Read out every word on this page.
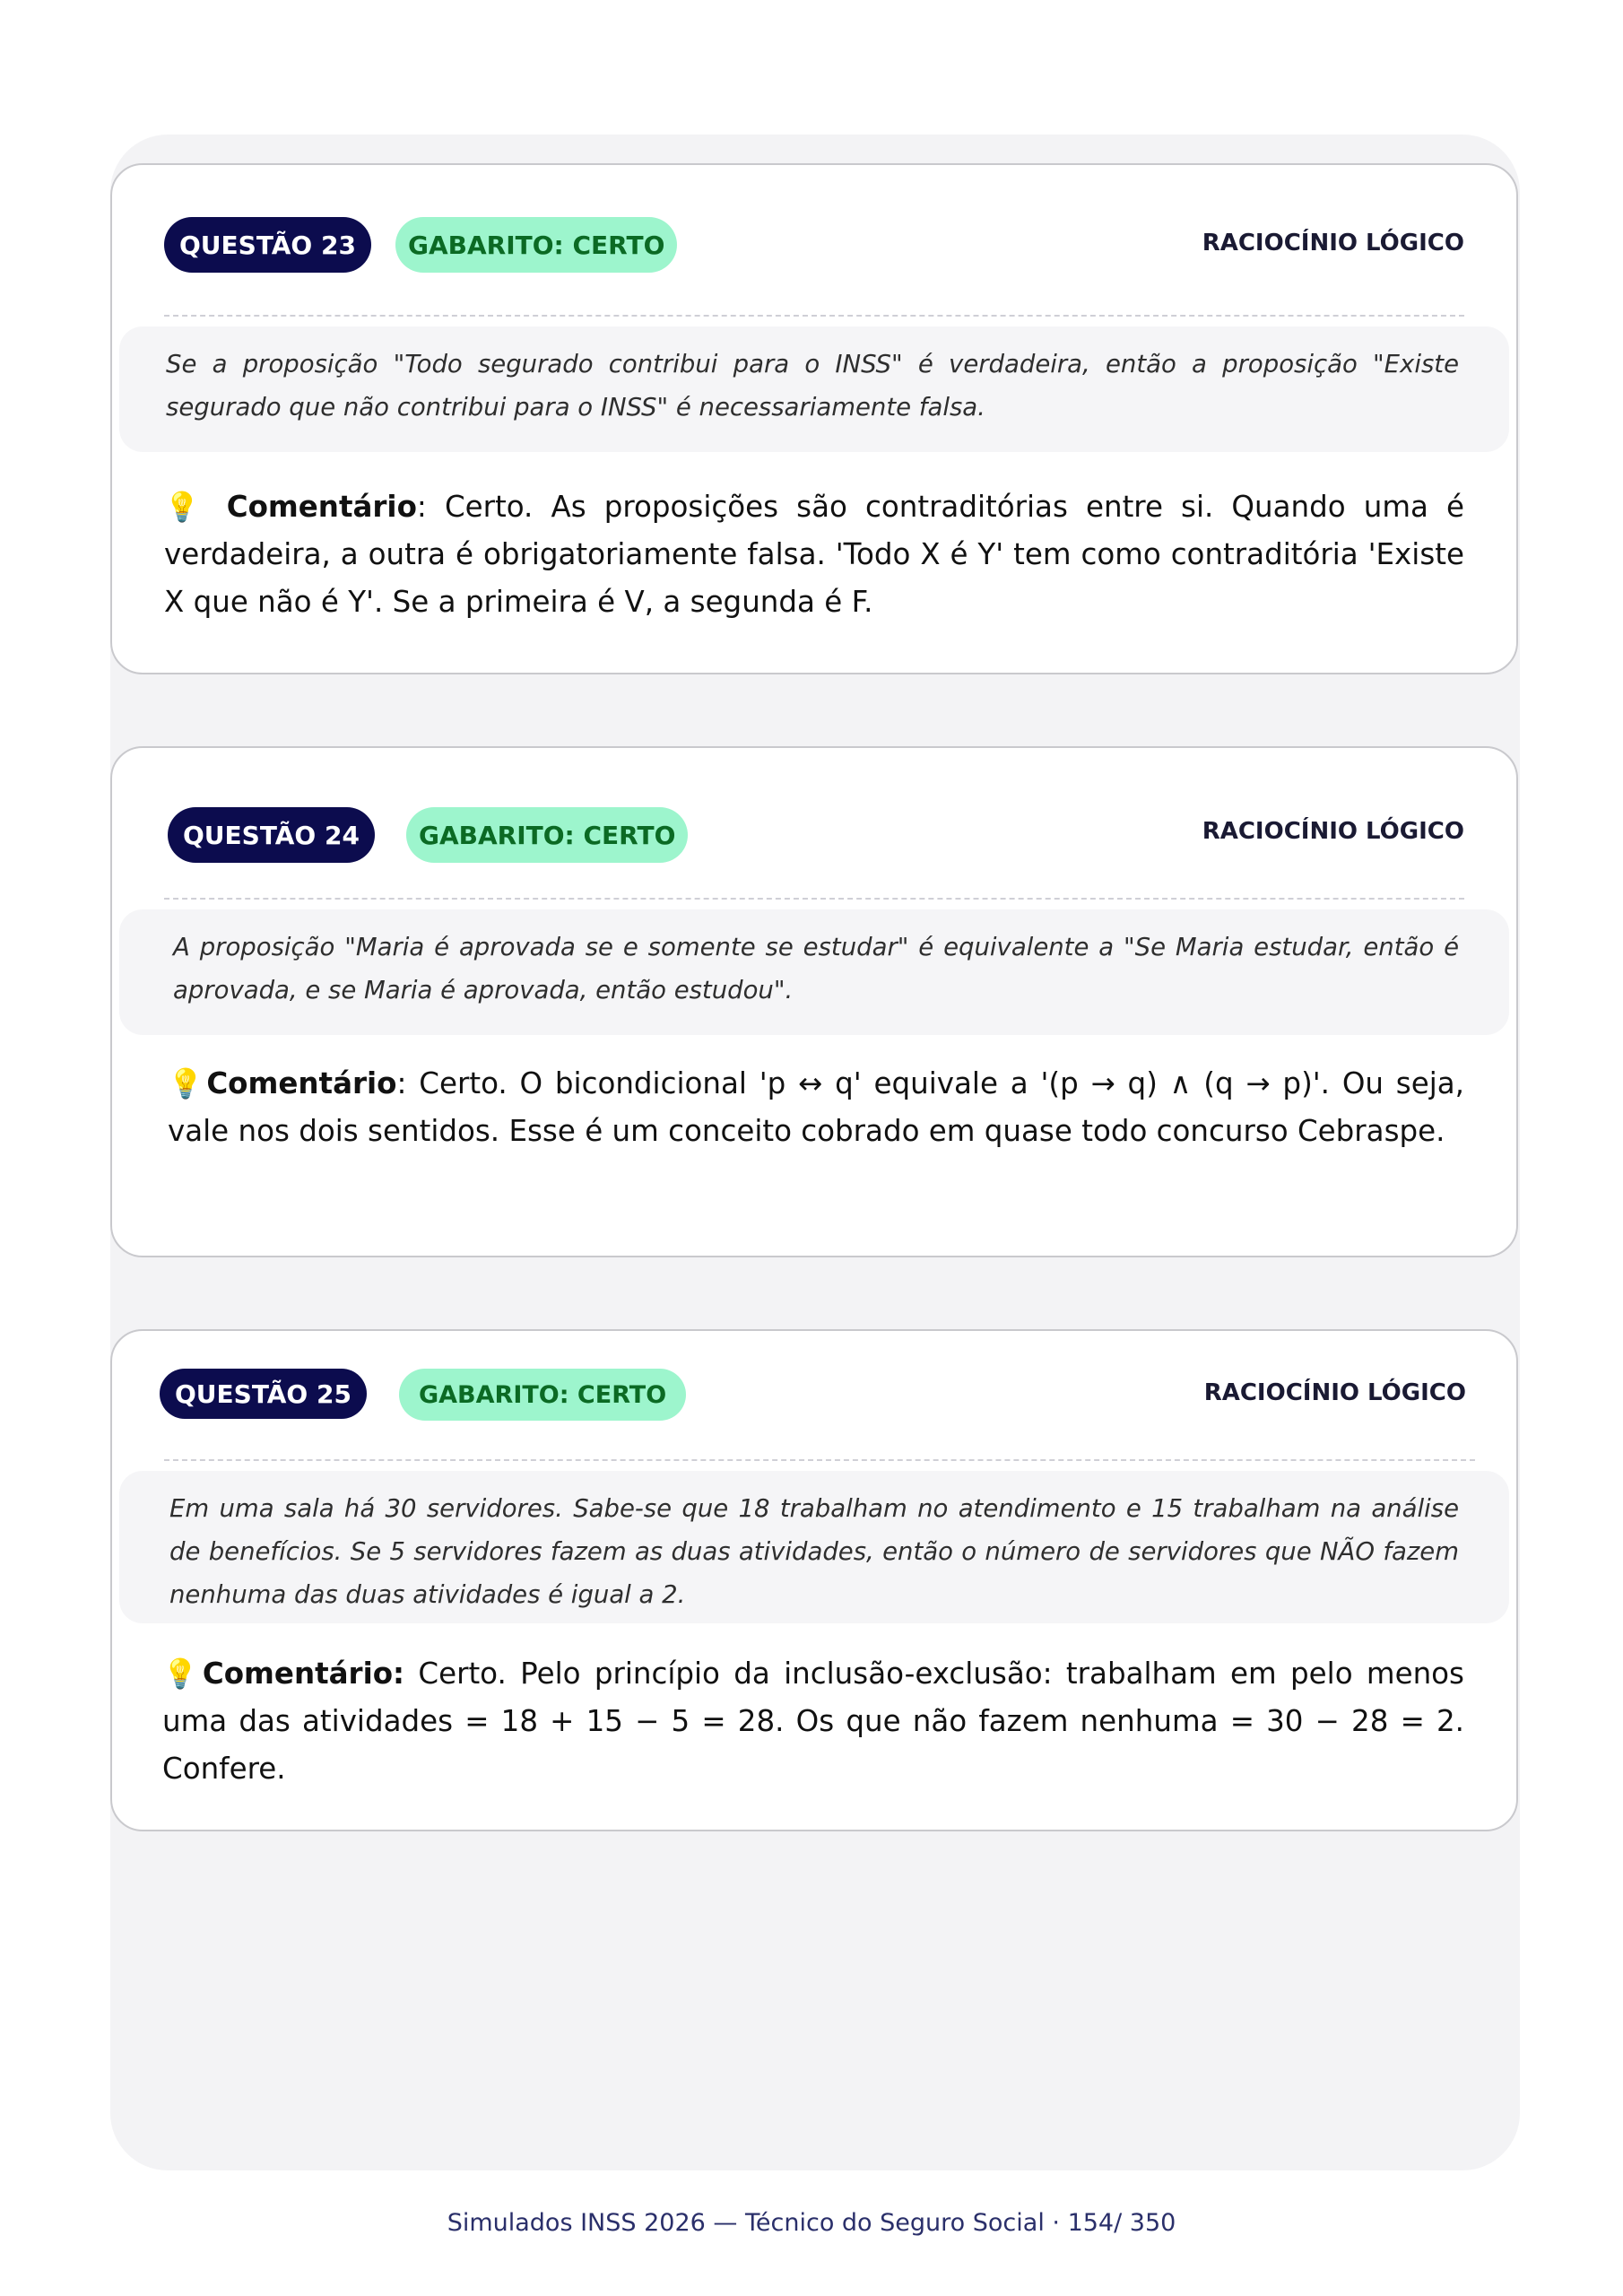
QUESTÃO 23	GABARITO: CERTO	RACIOCÍNIO LÓGICO
Se a proposição "Todo segurado contribui para o INSS" é verdadeira, então a proposição "Existe segurado que não contribui para o INSS" é necessariamente falsa.
💡 Comentário: Certo. As proposições são contraditórias entre si. Quando uma é verdadeira, a outra é obrigatoriamente falsa. 'Todo X é Y' tem como contraditória 'Existe X que não é Y'. Se a primeira é V, a segunda é F.
QUESTÃO 24	GABARITO: CERTO	RACIOCÍNIO LÓGICO
A proposição "Maria é aprovada se e somente se estudar" é equivalente a "Se Maria estudar, então é aprovada, e se Maria é aprovada, então estudou".
💡Comentário: Certo. O bicondicional 'p ↔ q' equivale a '(p → q) ∧ (q → p)'. Ou seja, vale nos dois sentidos. Esse é um conceito cobrado em quase todo concurso Cebraspe.
QUESTÃO 25	GABARITO: CERTO	RACIOCÍNIO LÓGICO
Em uma sala há 30 servidores. Sabe-se que 18 trabalham no atendimento e 15 trabalham na análise de benefícios. Se 5 servidores fazem as duas atividades, então o número de servidores que NÃO fazem nenhuma das duas atividades é igual a 2.
💡Comentário: Certo. Pelo princípio da inclusão-exclusão: trabalham em pelo menos uma das atividades = 18 + 15 − 5 = 28. Os que não fazem nenhuma = 30 − 28 = 2. Confere.
Simulados INSS 2026 — Técnico do Seguro Social · 154/ 350
